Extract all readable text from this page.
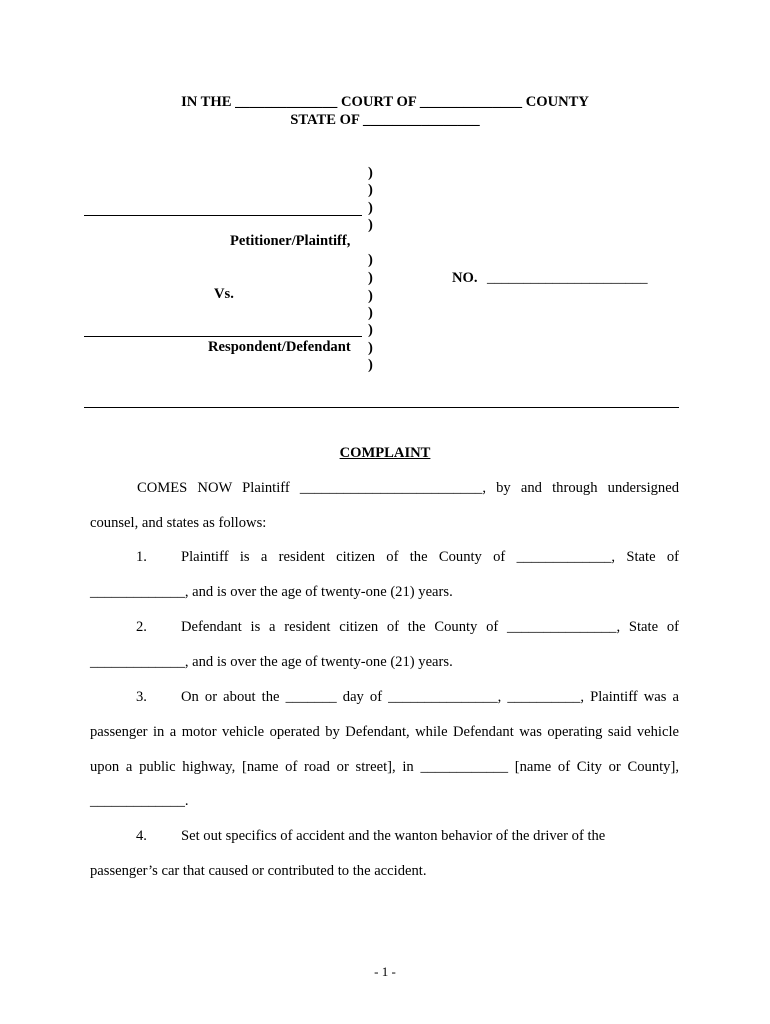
IN THE ______________ COURT OF ______________ COUNTY
STATE OF ________________
)
)
)
)
)
)
)
)
)
)
)
Petitioner/Plaintiff,
Vs.
Respondent/Defendant
NO. ______________________
COMPLAINT
COMES NOW Plaintiff _________________________, by and through undersigned
counsel, and states as follows:
1. Plaintiff is a resident citizen of the County of _____________, State of
_____________, and is over the age of twenty-one (21) years.
2. Defendant is a resident citizen of the County of _______________, State of
_____________, and is over the age of twenty-one (21) years.
3. On or about the _______ day of _______________, __________, Plaintiff was a
passenger in a motor vehicle operated by Defendant, while Defendant was operating said vehicle
upon a public highway, [name of road or street], in ____________ [name of City or County],
_____________.
4. Set out specifics of accident and the wanton behavior of the driver of the
passenger’s car that caused or contributed to the accident.
- 1 -
